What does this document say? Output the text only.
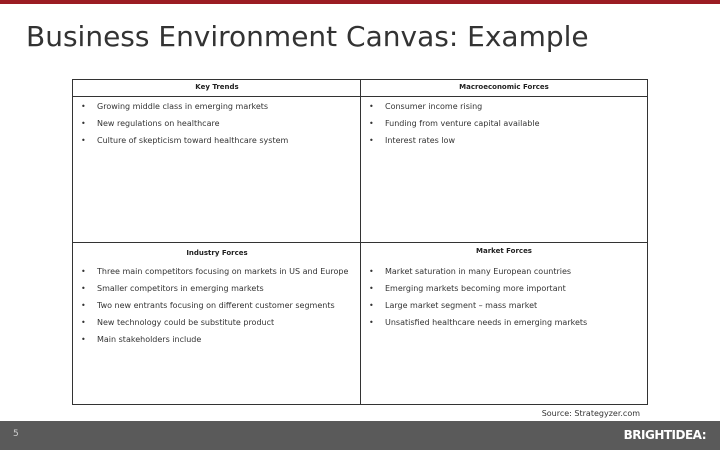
Business Environment Canvas: Example
Key Trends
• Growing middle class in emerging markets
• New regulations on healthcare
• Culture of skepticism toward healthcare system
Macroeconomic Forces
• Consumer income rising
• Funding from venture capital available
• Interest rates low
Industry Forces
• Three main competitors focusing on markets in US and Europe
• Smaller competitors in emerging markets
• Two new entrants focusing on different customer segments
• New technology could be substitute product
• Main stakeholders include
Market Forces
• Market saturation in many European countries
• Emerging markets becoming more important
• Large market segment – mass market
• Unsatisfied healthcare needs in emerging markets
Source: Strategyzer.com
5	BRIGHTIDEA:
